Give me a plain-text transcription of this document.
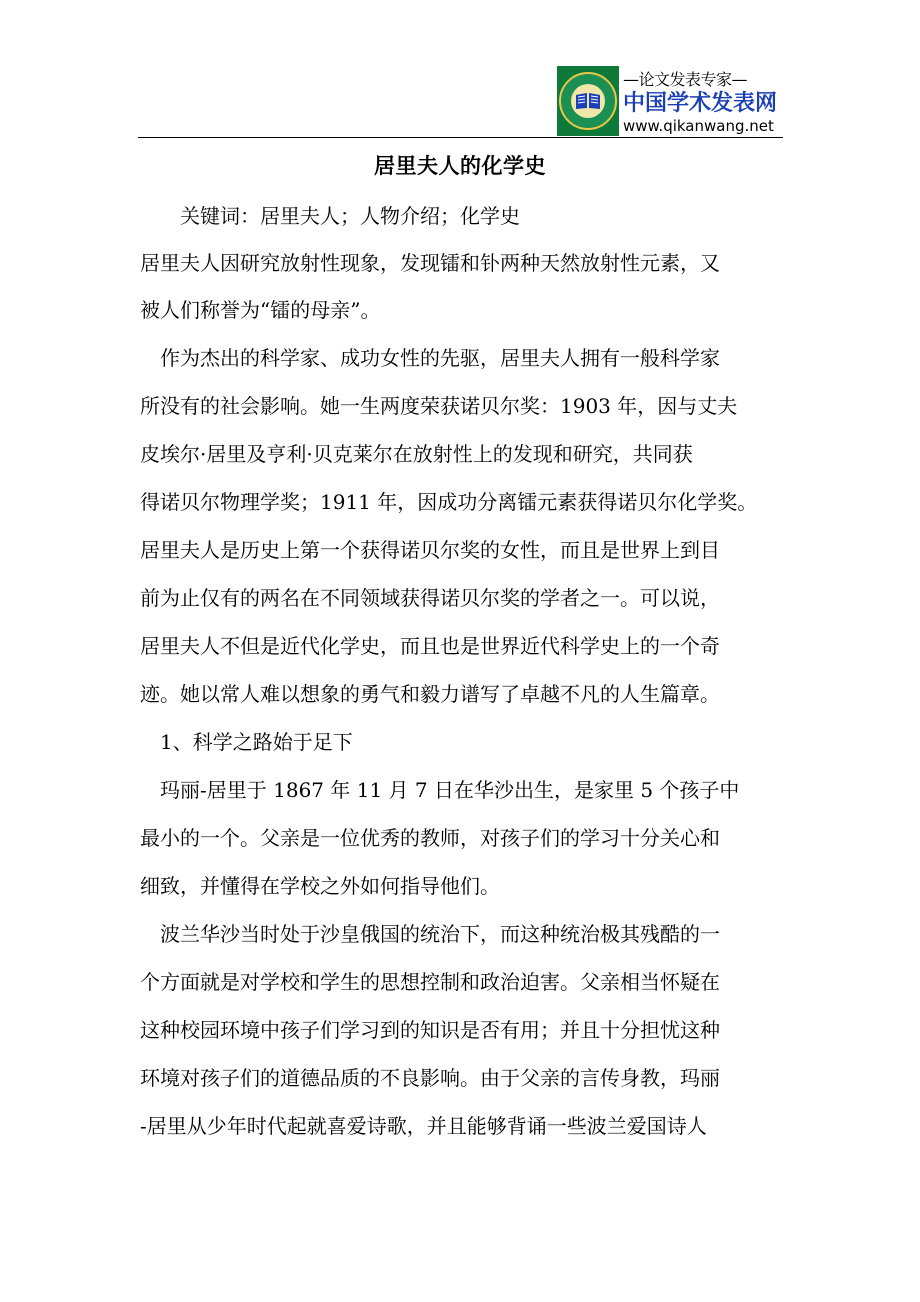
—论文发表专家—
中国学术发表网
www.qikanwang.net
居里夫人的化学史
关键词：居里夫人；人物介绍；化学史
居里夫人因研究放射性现象，发现镭和钋两种天然放射性元素，又
被人们称誉为“镭的母亲”。
作为杰出的科学家、成功女性的先驱，居里夫人拥有一般科学家
所没有的社会影响。她一生两度荣获诺贝尔奖：1903 年，因与丈夫
皮埃尔·居里及亨利·贝克莱尔在放射性上的发现和研究，共同获
得诺贝尔物理学奖；1911 年，因成功分离镭元素获得诺贝尔化学奖。
居里夫人是历史上第一个获得诺贝尔奖的女性，而且是世界上到目
前为止仅有的两名在不同领域获得诺贝尔奖的学者之一。可以说，
居里夫人不但是近代化学史，而且也是世界近代科学史上的一个奇
迹。她以常人难以想象的勇气和毅力谱写了卓越不凡的人生篇章。
1、科学之路始于足下
玛丽-居里于 1867 年 11 月 7 日在华沙出生，是家里 5 个孩子中
最小的一个。父亲是一位优秀的教师，对孩子们的学习十分关心和
细致，并懂得在学校之外如何指导他们。
波兰华沙当时处于沙皇俄国的统治下，而这种统治极其残酷的一
个方面就是对学校和学生的思想控制和政治迫害。父亲相当怀疑在
这种校园环境中孩子们学习到的知识是否有用；并且十分担忧这种
环境对孩子们的道德品质的不良影响。由于父亲的言传身教，玛丽
-居里从少年时代起就喜爱诗歌，并且能够背诵一些波兰爱国诗人
